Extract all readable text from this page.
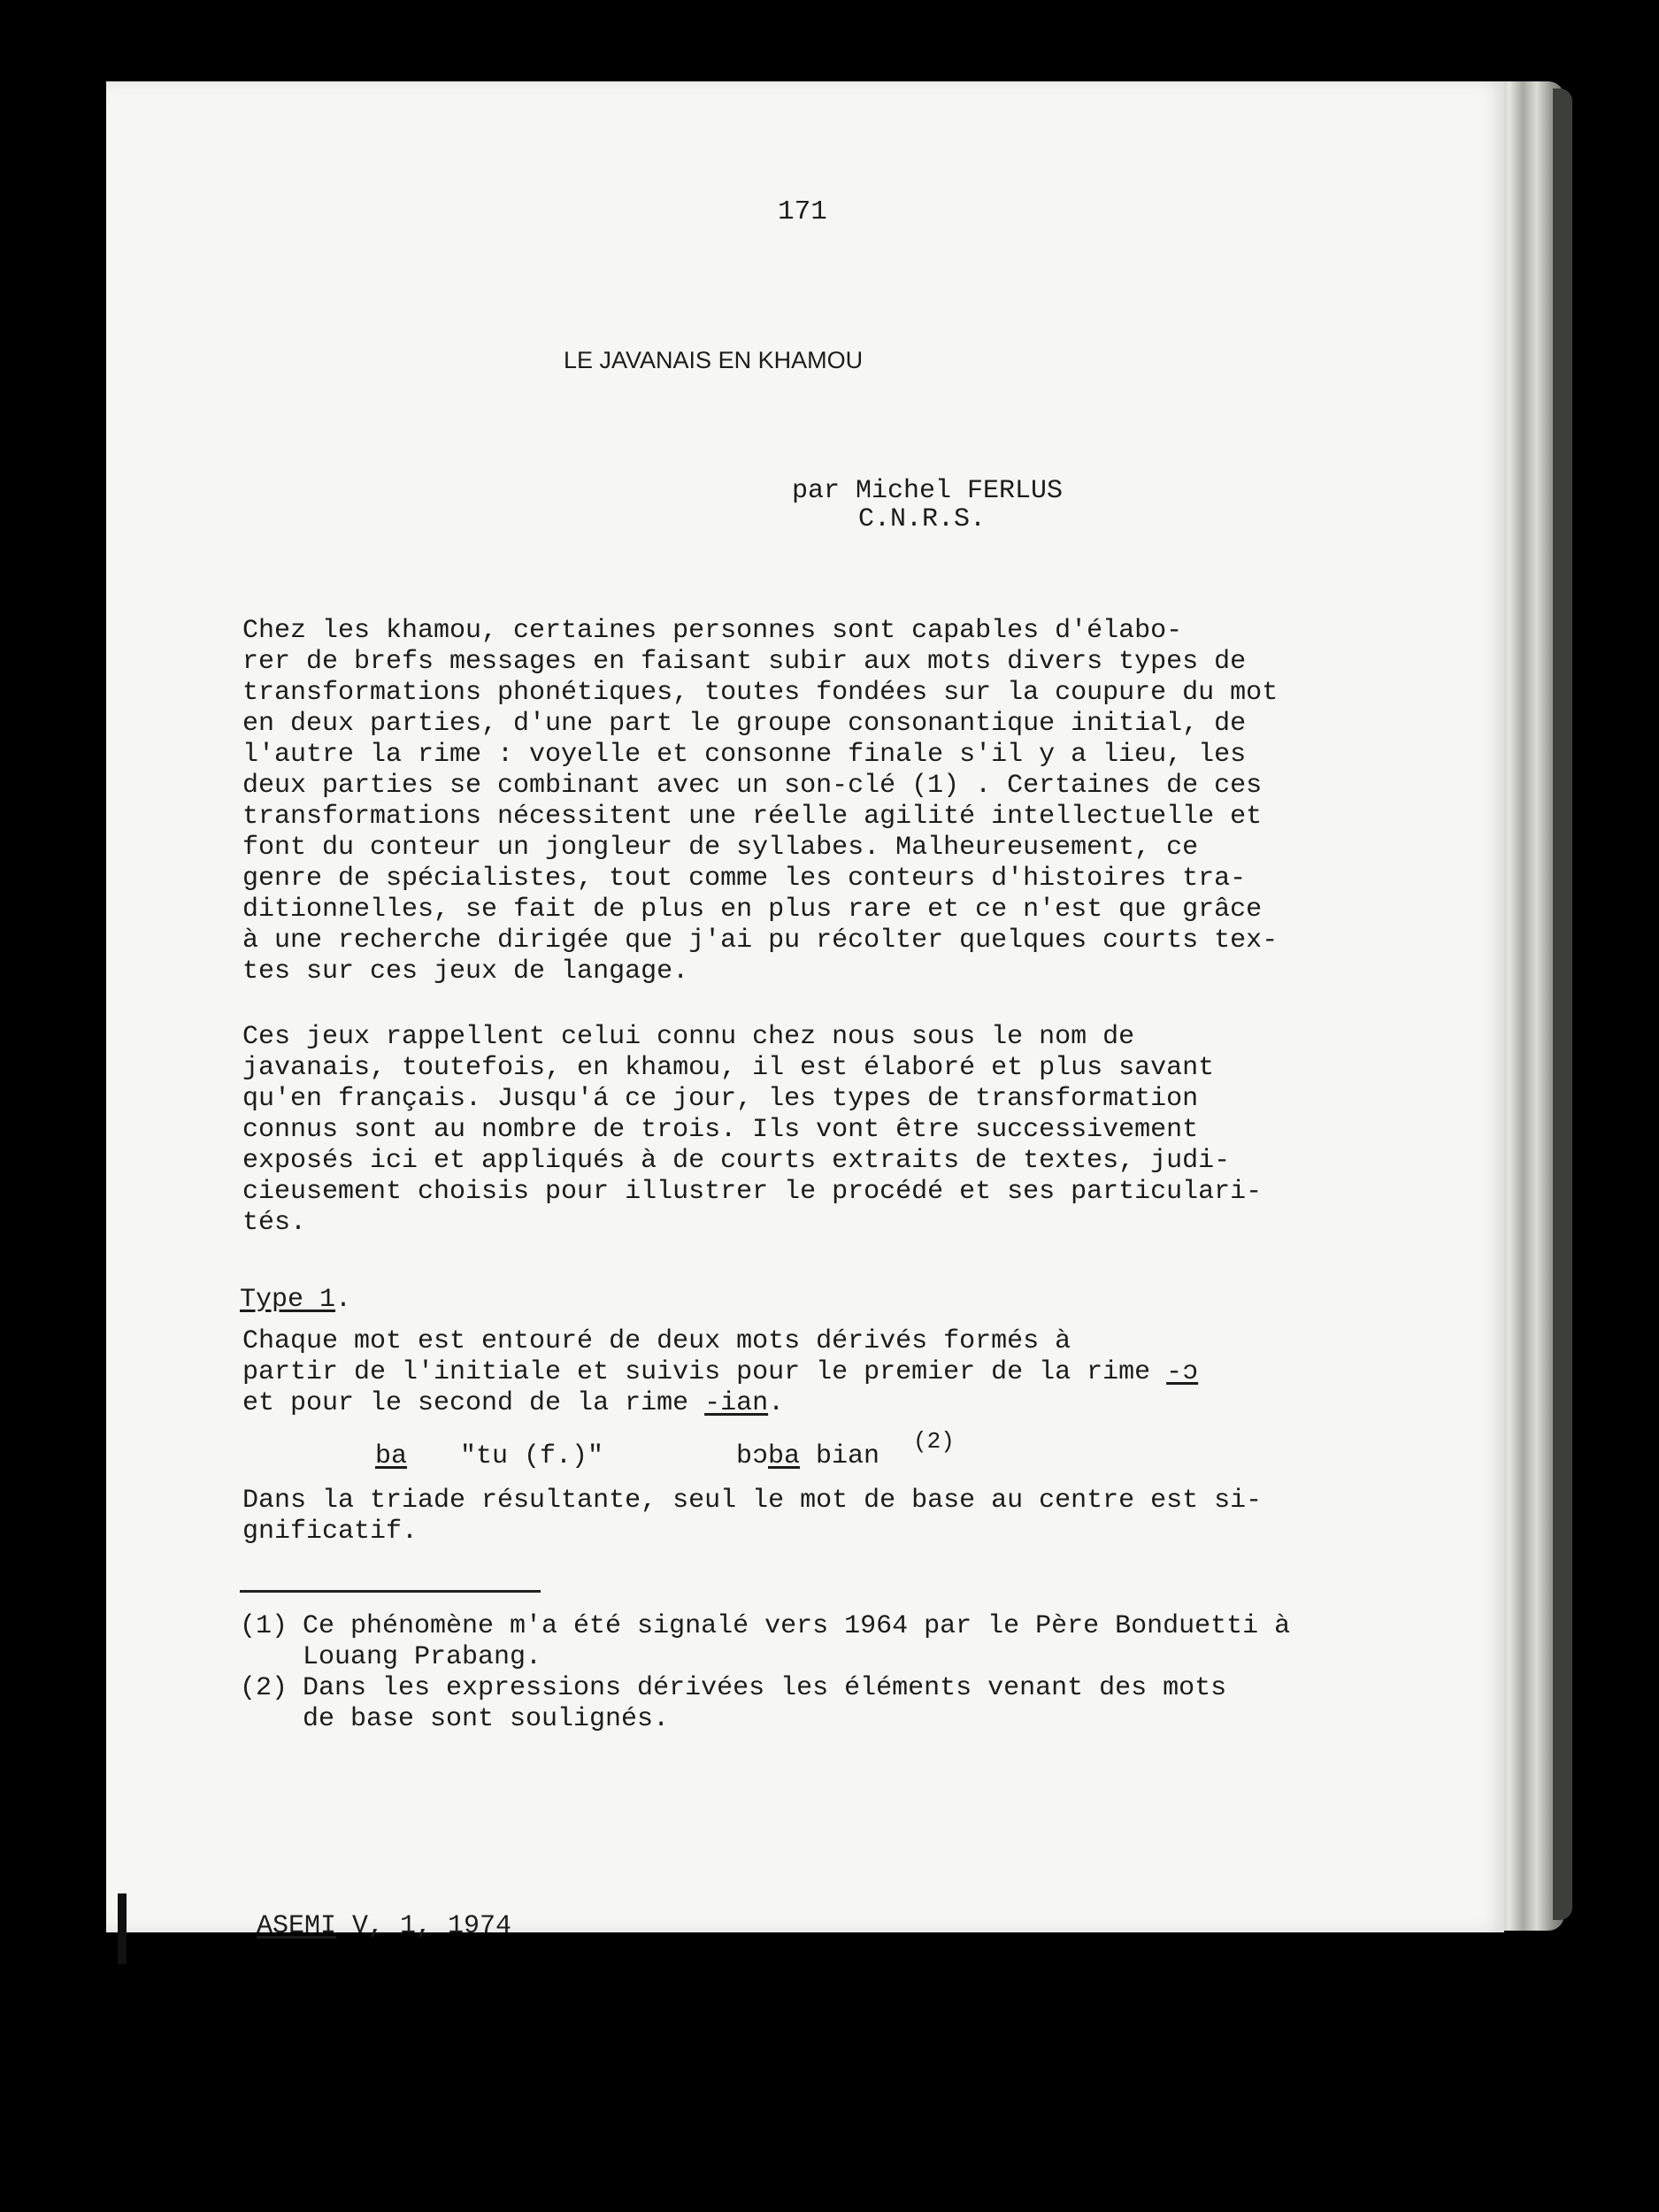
171
LE JAVANAIS EN KHAMOU
par Michel FERLUS
C.N.R.S.
Chez les khamou, certaines personnes sont capables d'élabo-
rer de brefs messages en faisant subir aux mots divers types de
transformations phonétiques, toutes fondées sur la coupure du mot
en deux parties, d'une part le groupe consonantique initial, de
l'autre la rime : voyelle et consonne finale s'il y a lieu, les
deux parties se combinant avec un son-clé (1) . Certaines de ces
transformations nécessitent une réelle agilité intellectuelle et
font du conteur un jongleur de syllabes. Malheureusement, ce
genre de spécialistes, tout comme les conteurs d'histoires tra-
ditionnelles, se fait de plus en plus rare et ce n'est que grâce
à une recherche dirigée que j'ai pu récolter quelques courts tex-
tes sur ces jeux de langage.
Ces jeux rappellent celui connu chez nous sous le nom de
javanais, toutefois, en khamou, il est élaboré et plus savant
qu'en français. Jusqu'á ce jour, les types de transformation
connus sont au nombre de trois. Ils vont être successivement
exposés ici et appliqués à de courts extraits de textes, judi-
cieusement choisis pour illustrer le procédé et ses particulari-
tés.
Type 1.
Chaque mot est entouré de deux mots dérivés formés à
partir de l'initiale et suivis pour le premier de la rime -ɔ
et pour le second de la rime -ian.
ba "tu (f.)"	bɔba bian (2)
Dans la triade résultante, seul le mot de base au centre est si-
gnificatif.
(1) Ce phénomène m'a été signalé vers 1964 par le Père Bonduetti à
Louang Prabang.
(2) Dans les expressions dérivées les éléments venant des mots
de base sont soulignés.
ASEMI V, 1, 1974
